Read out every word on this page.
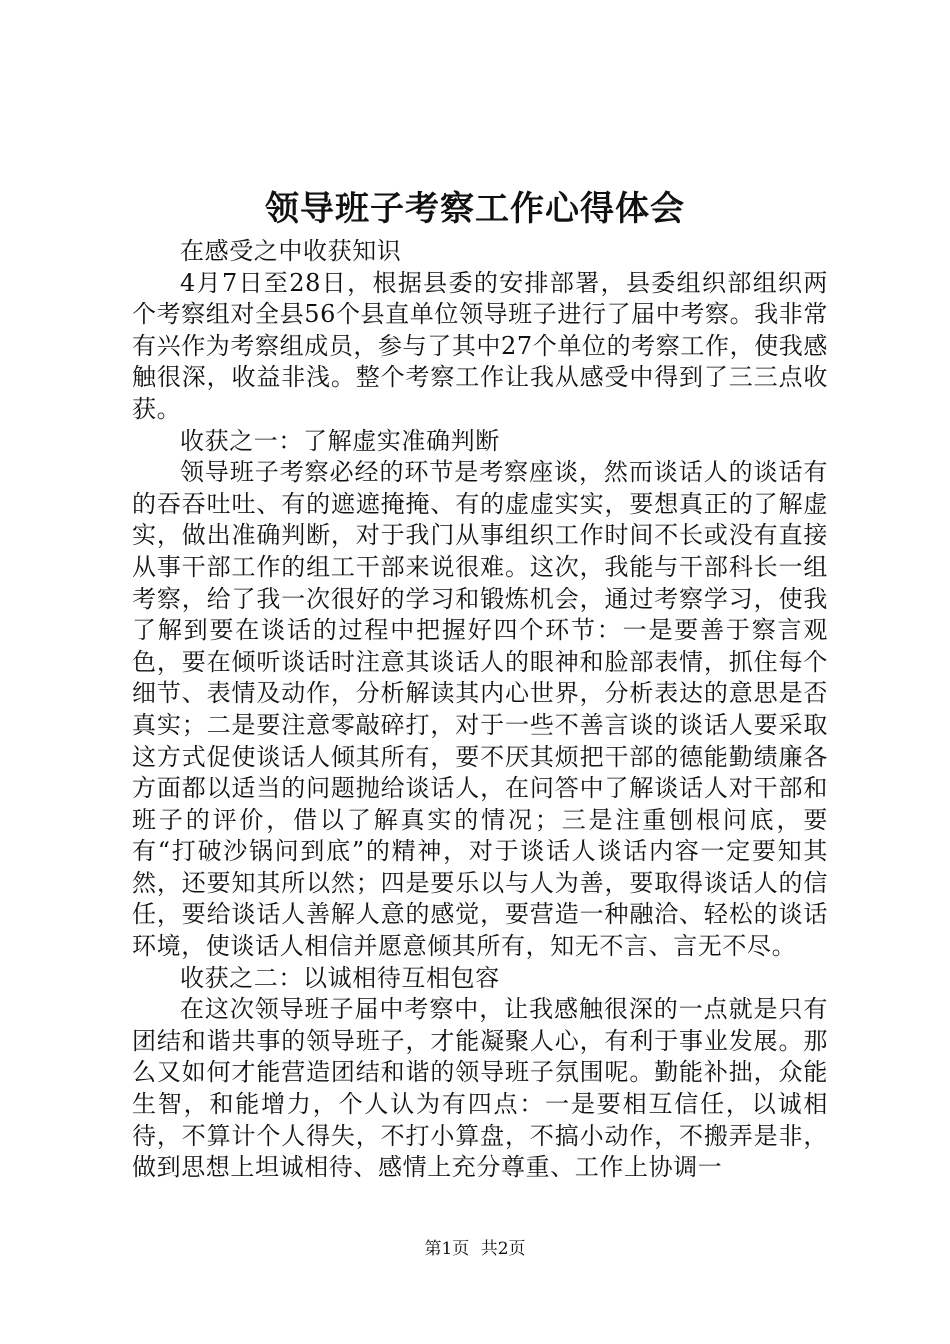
领导班子考察工作心得体会

在感受之中收获知识

4月7日至28日，根据县委的安排部署，县委组织部组织两个考察组对全县56个县直单位领导班子进行了届中考察。我非常有兴作为考察组成员，参与了其中27个单位的考察工作，使我感触很深，收益非浅。整个考察工作让我从感受中得到了三三点收获。

收获之一：了解虚实准确判断

领导班子考察必经的环节是考察座谈，然而谈话人的谈话有的吞吞吐吐、有的遮遮掩掩、有的虚虚实实，要想真正的了解虚实，做出准确判断，对于我门从事组织工作时间不长或没有直接从事干部工作的组工干部来说很难。这次，我能与干部科长一组考察，给了我一次很好的学习和锻炼机会，通过考察学习，使我了解到要在谈话的过程中把握好四个环节：一是要善于察言观色，要在倾听谈话时注意其谈话人的眼神和脸部表情，抓住每个细节、表情及动作，分析解读其内心世界，分析表达的意思是否真实；二是要注意零敲碎打，对于一些不善言谈的谈话人要采取这方式促使谈话人倾其所有，要不厌其烦把干部的德能勤绩廉各方面都以适当的问题抛给谈话人，在问答中了解谈话人对干部和班子的评价，借以了解真实的情况；三是注重刨根问底，要有“打破沙锅问到底”的精神，对于谈话人谈话内容一定要知其然，还要知其所以然；四是要乐以与人为善，要取得谈话人的信任，要给谈话人善解人意的感觉，要营造一种融洽、轻松的谈话环境，使谈话人相信并愿意倾其所有，知无不言、言无不尽。

收获之二：以诚相待互相包容

在这次领导班子届中考察中，让我感触很深的一点就是只有团结和谐共事的领导班子，才能凝聚人心，有利于事业发展。那么又如何才能营造团结和谐的领导班子氛围呢。勤能补拙，众能生智，和能增力，个人认为有四点：一是要相互信任，以诚相待，不算计个人得失，不打小算盘，不搞小动作，不搬弄是非，做到思想上坦诚相待、感情上充分尊重、工作上协调一

第1页 共2页
